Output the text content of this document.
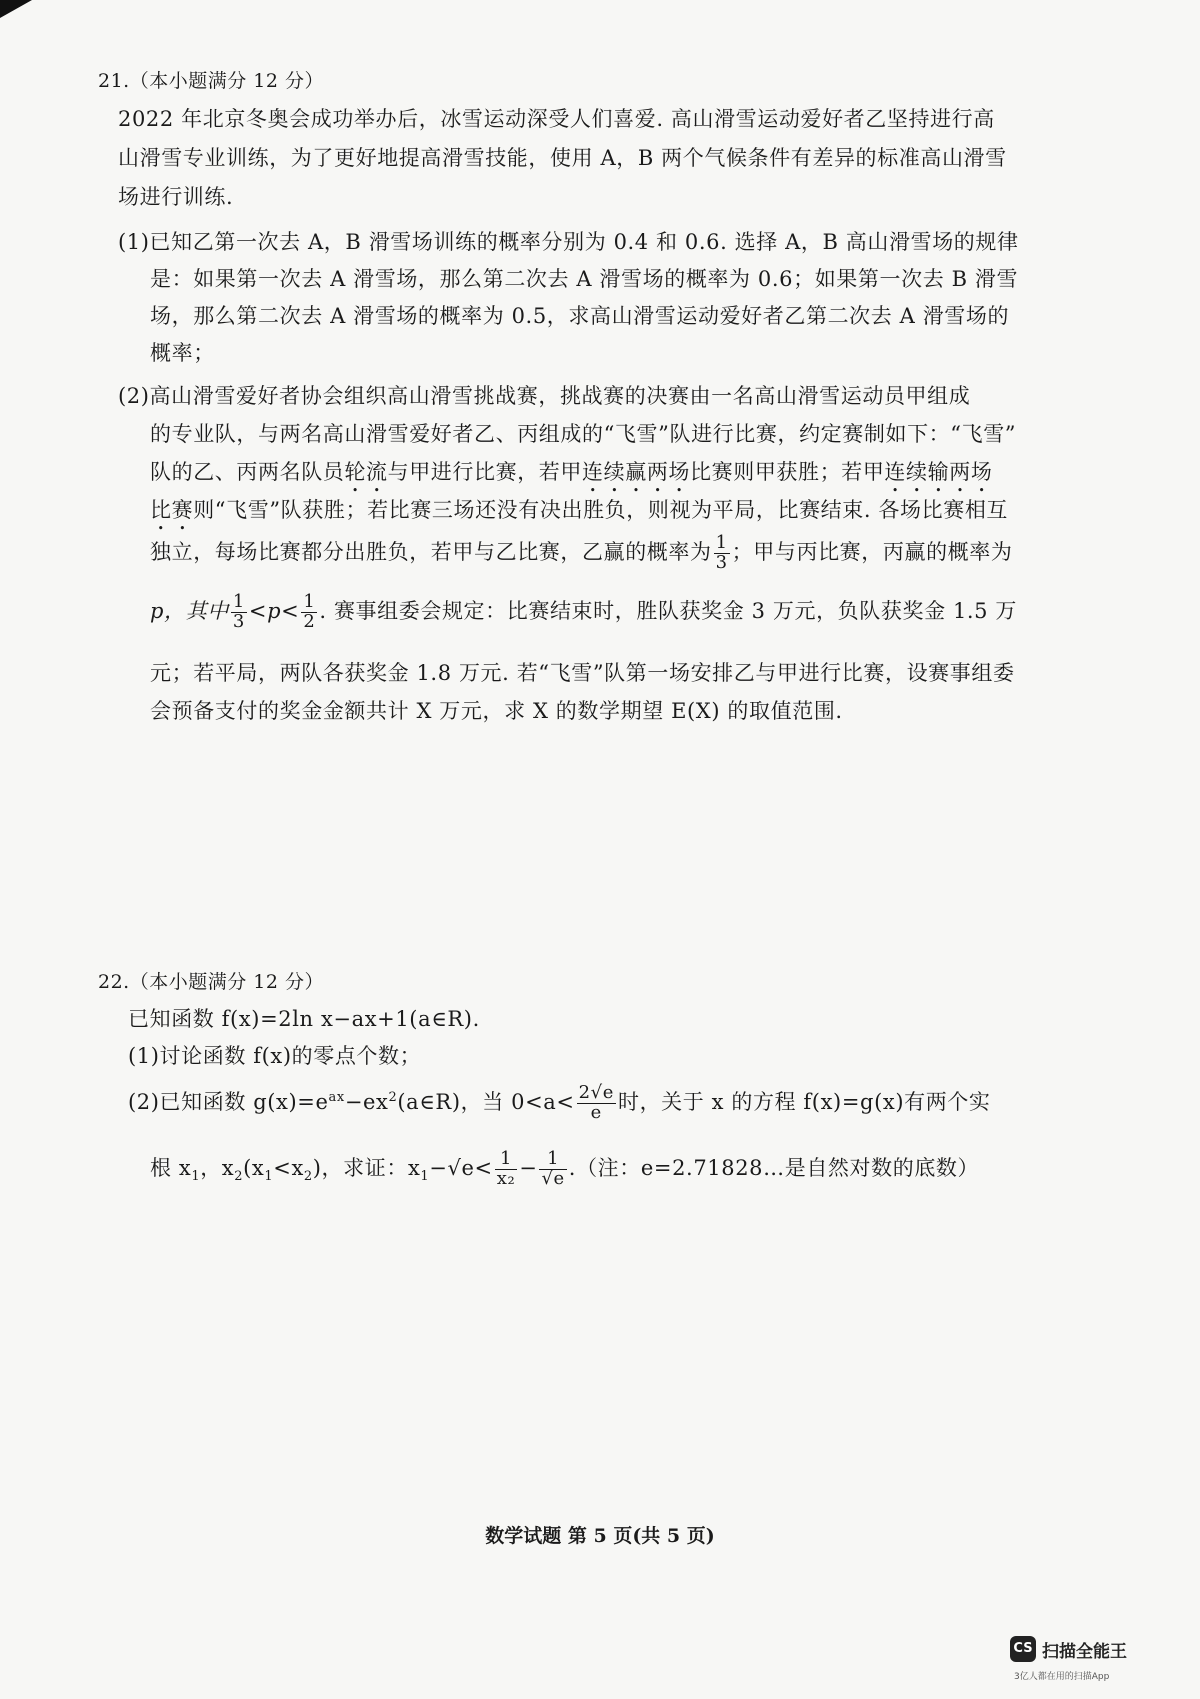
21.（本小题满分 12 分）
2022 年北京冬奥会成功举办后，冰雪运动深受人们喜爱. 高山滑雪运动爱好者乙坚持进行高
山滑雪专业训练，为了更好地提高滑雪技能，使用 A，B 两个气候条件有差异的标准高山滑雪
场进行训练.
(1)已知乙第一次去 A，B 滑雪场训练的概率分别为 0.4 和 0.6. 选择 A，B 高山滑雪场的规律
是：如果第一次去 A 滑雪场，那么第二次去 A 滑雪场的概率为 0.6；如果第一次去 B 滑雪
场，那么第二次去 A 滑雪场的概率为 0.5，求高山滑雪运动爱好者乙第二次去 A 滑雪场的
概率；
(2)高山滑雪爱好者协会组织高山滑雪挑战赛，挑战赛的决赛由一名高山滑雪运动员甲组成
的专业队，与两名高山滑雪爱好者乙、丙组成的“飞雪”队进行比赛，约定赛制如下：“飞雪”
队的乙、丙两名队员轮流与甲进行比赛，若甲连续赢两场比赛则甲获胜；若甲连续输两场
比赛则“飞雪”队获胜；若比赛三场还没有决出胜负，则视为平局，比赛结束. 各场比赛相互
独立，每场比赛都分出胜负，若甲与乙比赛，乙赢的概率为 $\frac{1}{3}$ ；甲与丙比赛，丙赢的概率为
p，其中 $\frac{1}{3} <p< \frac{1}{2}$ . 赛事组委会规定：比赛结束时，胜队获奖金 3 万元，负队获奖金 1.5 万
元；若平局，两队各获奖金 1.8 万元. 若“飞雪”队第一场安排乙与甲进行比赛，设赛事组委
会预备支付的奖金金额共计 X 万元，求 X 的数学期望 E(X) 的取值范围.
22.（本小题满分 12 分）
已知函数 f(x)=2ln x−ax+1(a∈R).
(1)讨论函数 f(x)的零点个数；
(2)已知函数 $g(x)=e^{ax}-ex^2(a\in R)$，当 $0<a< \frac{2√e}{e}$ 时，关于 x 的方程 f(x)=g(x)有两个实
根 $x_1$，$x_2(x_1<x_2)$，求证：$x_1-√e< \frac{1}{\text{x₂}} - \frac{1}{√e}$ .（注：e=2.71828…是自然对数的底数）
数学试题 第 5 页(共 5 页)
CS 扫描全能王
3亿人都在用的扫描App
